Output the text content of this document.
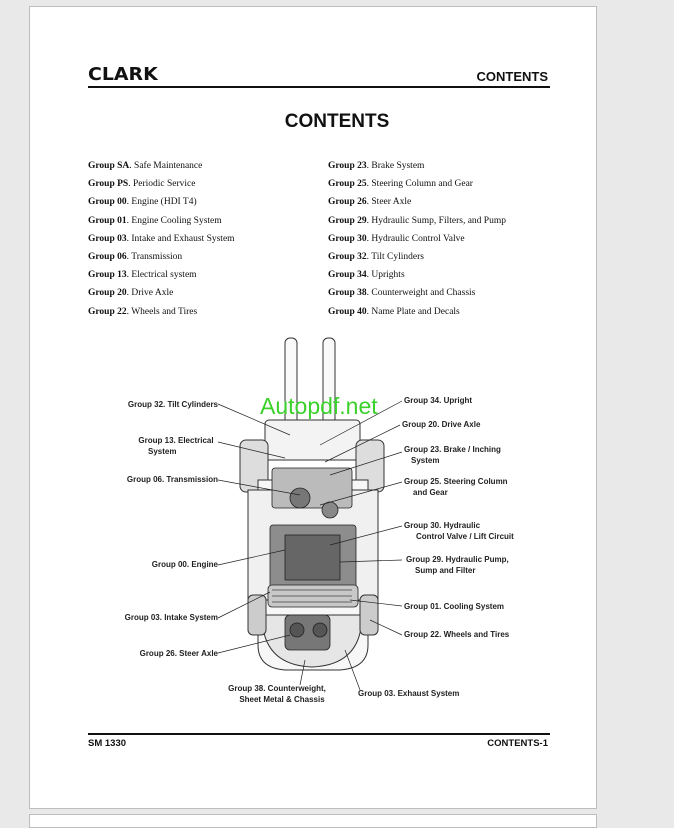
CLARK	CONTENTS
CONTENTS
Group SA. Safe Maintenance
Group PS. Periodic Service
Group 00. Engine (HDI T4)
Group 01. Engine Cooling System
Group 03. Intake and Exhaust System
Group 06. Transmission
Group 13. Electrical system
Group 20. Drive Axle
Group 22. Wheels and Tires
Group 23. Brake System
Group 25. Steering Column and Gear
Group 26. Steer Axle
Group 29. Hydraulic Sump, Filters, and Pump
Group 30. Hydraulic Control Valve
Group 32. Tilt Cylinders
Group 34. Uprights
Group 38. Counterweight and Chassis
Group 40. Name Plate and Decals
Group 32. Tilt Cylinders
Group 13. Electrical
System
Group 06. Transmission
Group 00. Engine
Group 03. Intake System
Group 26. Steer Axle
Group 38. Counterweight,
Sheet Metal & Chassis
Group 34. Upright
Group 20. Drive Axle
Group 23. Brake / Inching
System
Group 25. Steering Column
and Gear
Group 30. Hydraulic
Control Valve / Lift Circuit
Group 29. Hydraulic Pump,
Sump and Filter
Group 01. Cooling System
Group 22. Wheels and Tires
Group 03. Exhaust System
Autopdf.net
SM 1330	CONTENTS-1
